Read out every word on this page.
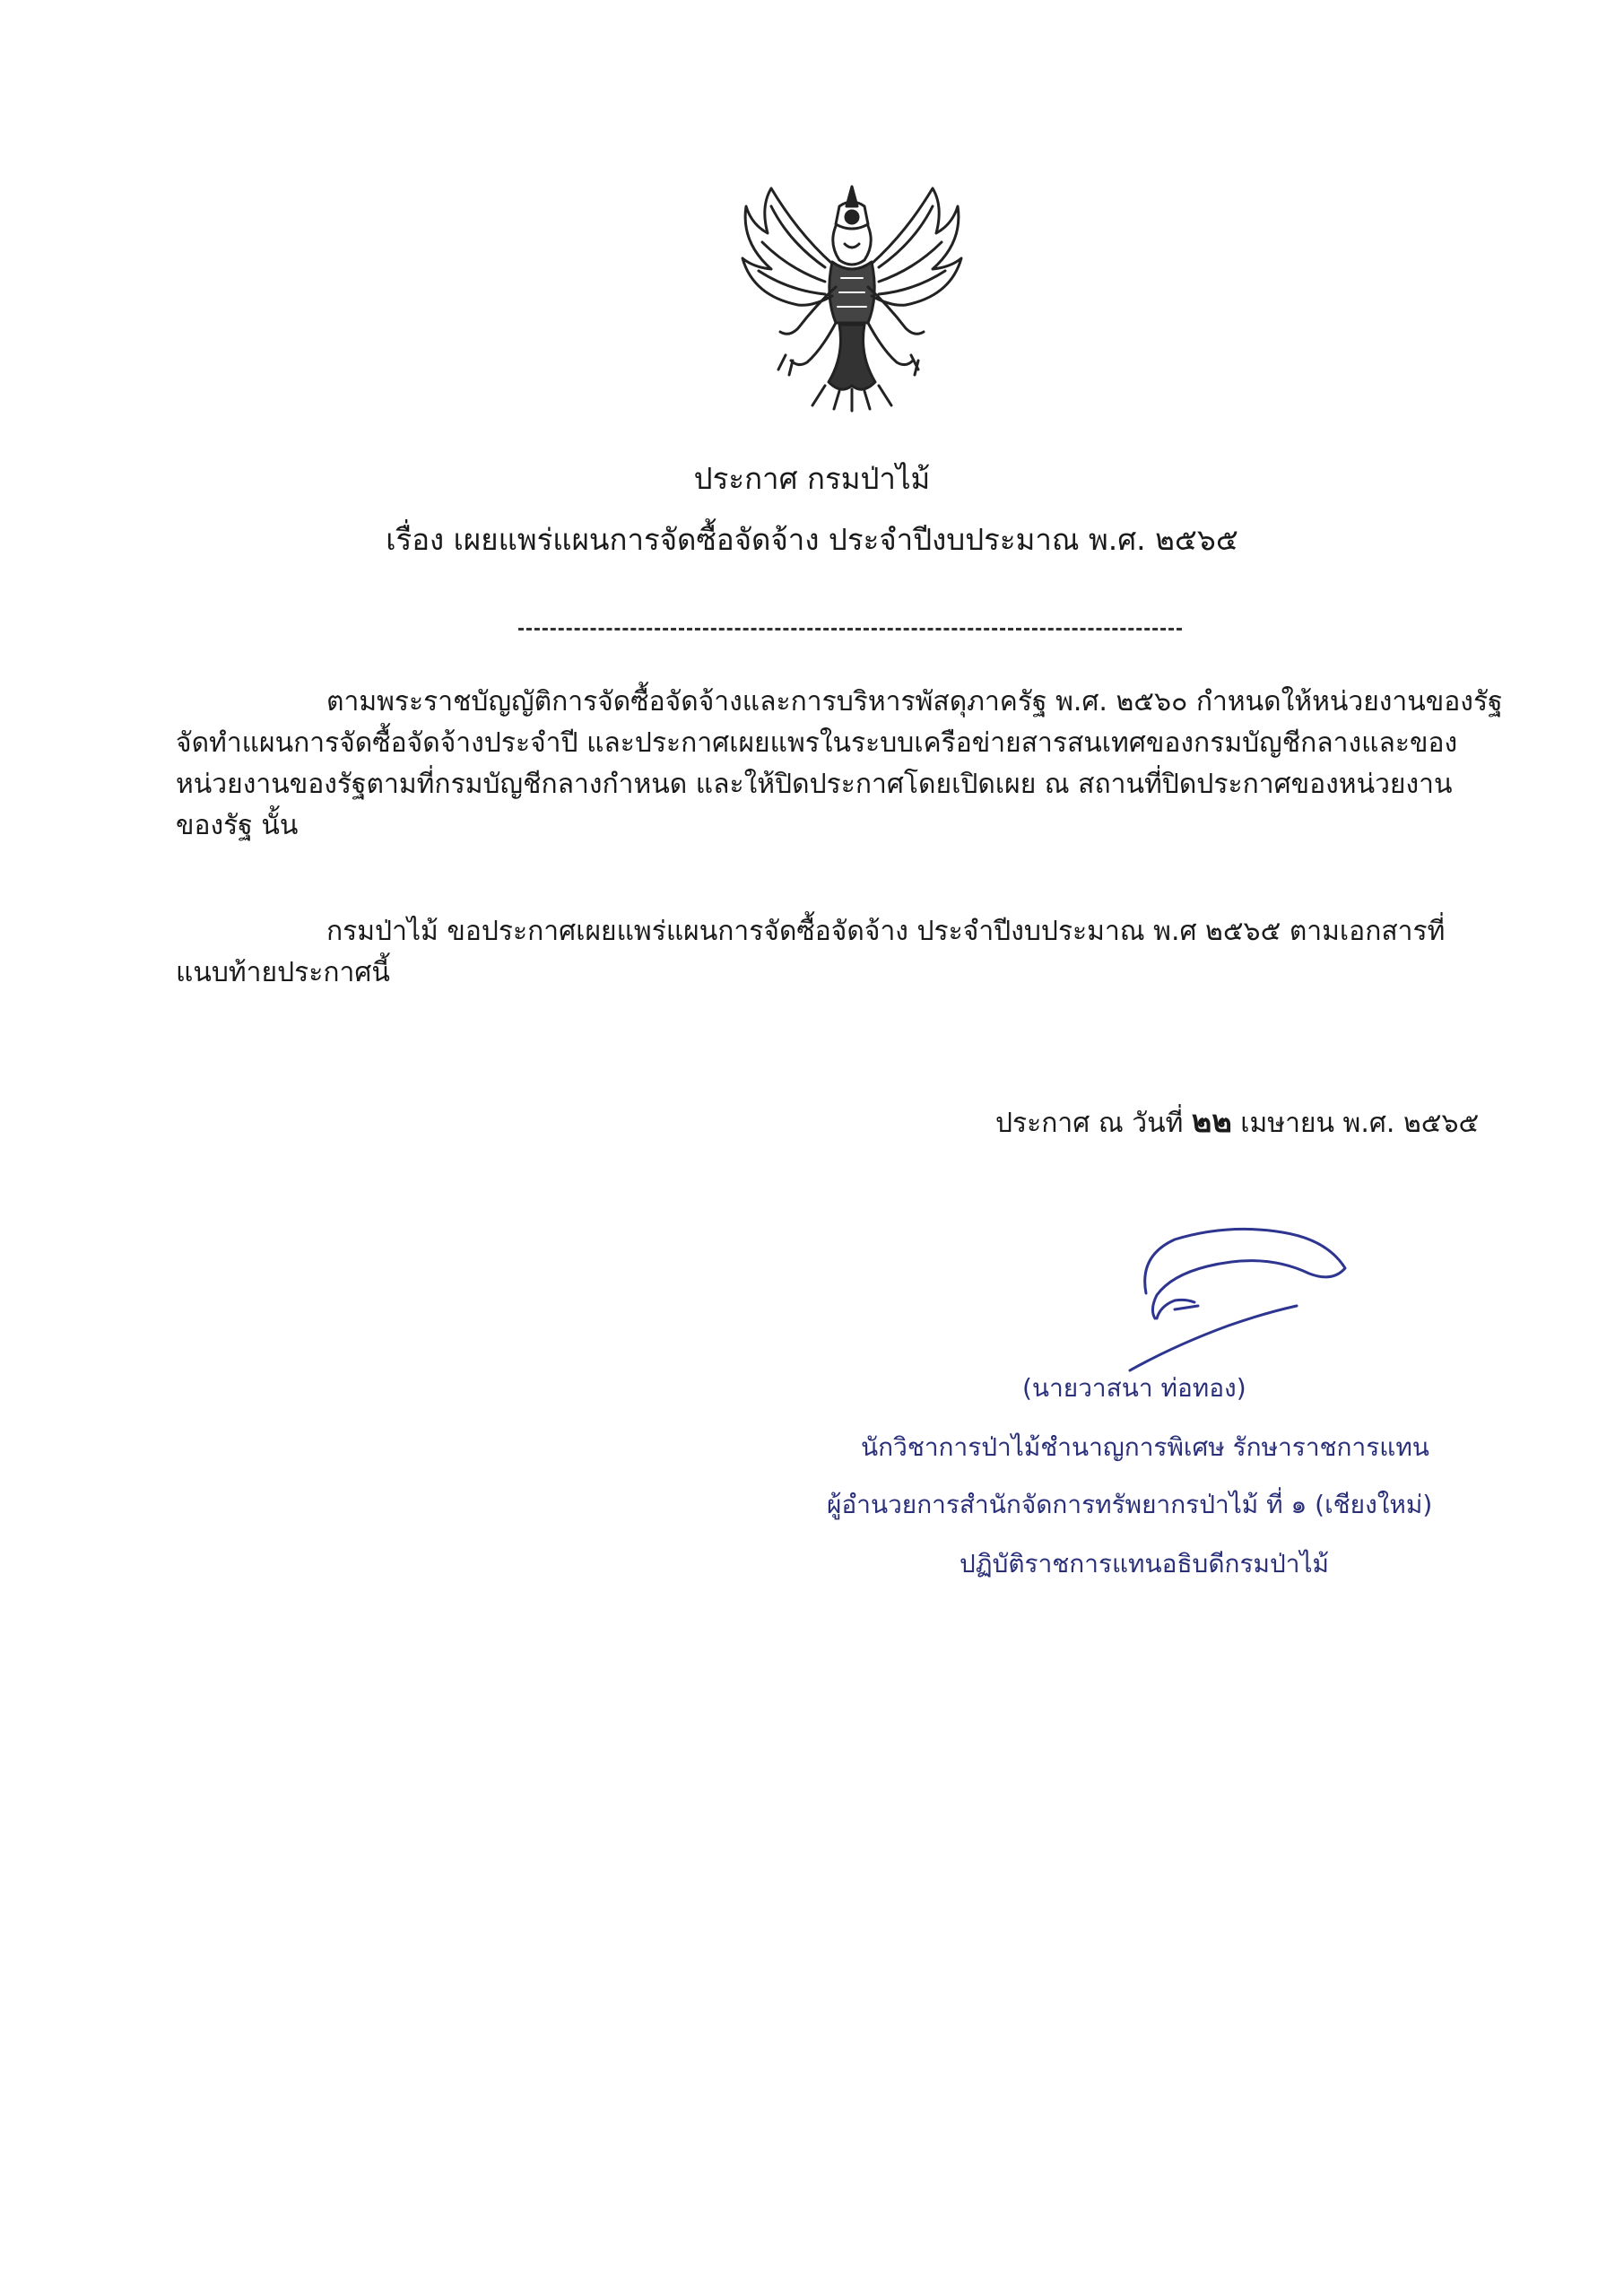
ประกาศ กรมป่าไม้
เรื่อง เผยแพร่แผนการจัดซื้อจัดจ้าง ประจำปีงบประมาณ พ.ศ. ๒๕๖๕
ตามพระราชบัญญัติการจัดซื้อจัดจ้างและการบริหารพัสดุภาครัฐ พ.ศ. ๒๕๖๐ กำหนดให้หน่วยงานของรัฐ
จัดทำแผนการจัดซื้อจัดจ้างประจำปี และประกาศเผยแพรในระบบเครือข่ายสารสนเทศของกรมบัญชีกลางและของ
หน่วยงานของรัฐตามที่กรมบัญชีกลางกำหนด และให้ปิดประกาศโดยเปิดเผย ณ สถานที่ปิดประกาศของหน่วยงาน
ของรัฐ นั้น
กรมป่าไม้ ขอประกาศเผยแพร่แผนการจัดซื้อจัดจ้าง ประจำปีงบประมาณ พ.ศ ๒๕๖๕ ตามเอกสารที่
แนบท้ายประกาศนี้
ประกาศ ณ วันที่ ๒๒ เมษายน พ.ศ. ๒๕๖๕
(นายวาสนา ท่อทอง)
นักวิชาการป่าไม้ชำนาญการพิเศษ รักษาราชการแทน
ผู้อำนวยการสำนักจัดการทรัพยากรป่าไม้ ที่ ๑ (เชียงใหม่)
ปฏิบัติราชการแทนอธิบดีกรมป่าไม้
